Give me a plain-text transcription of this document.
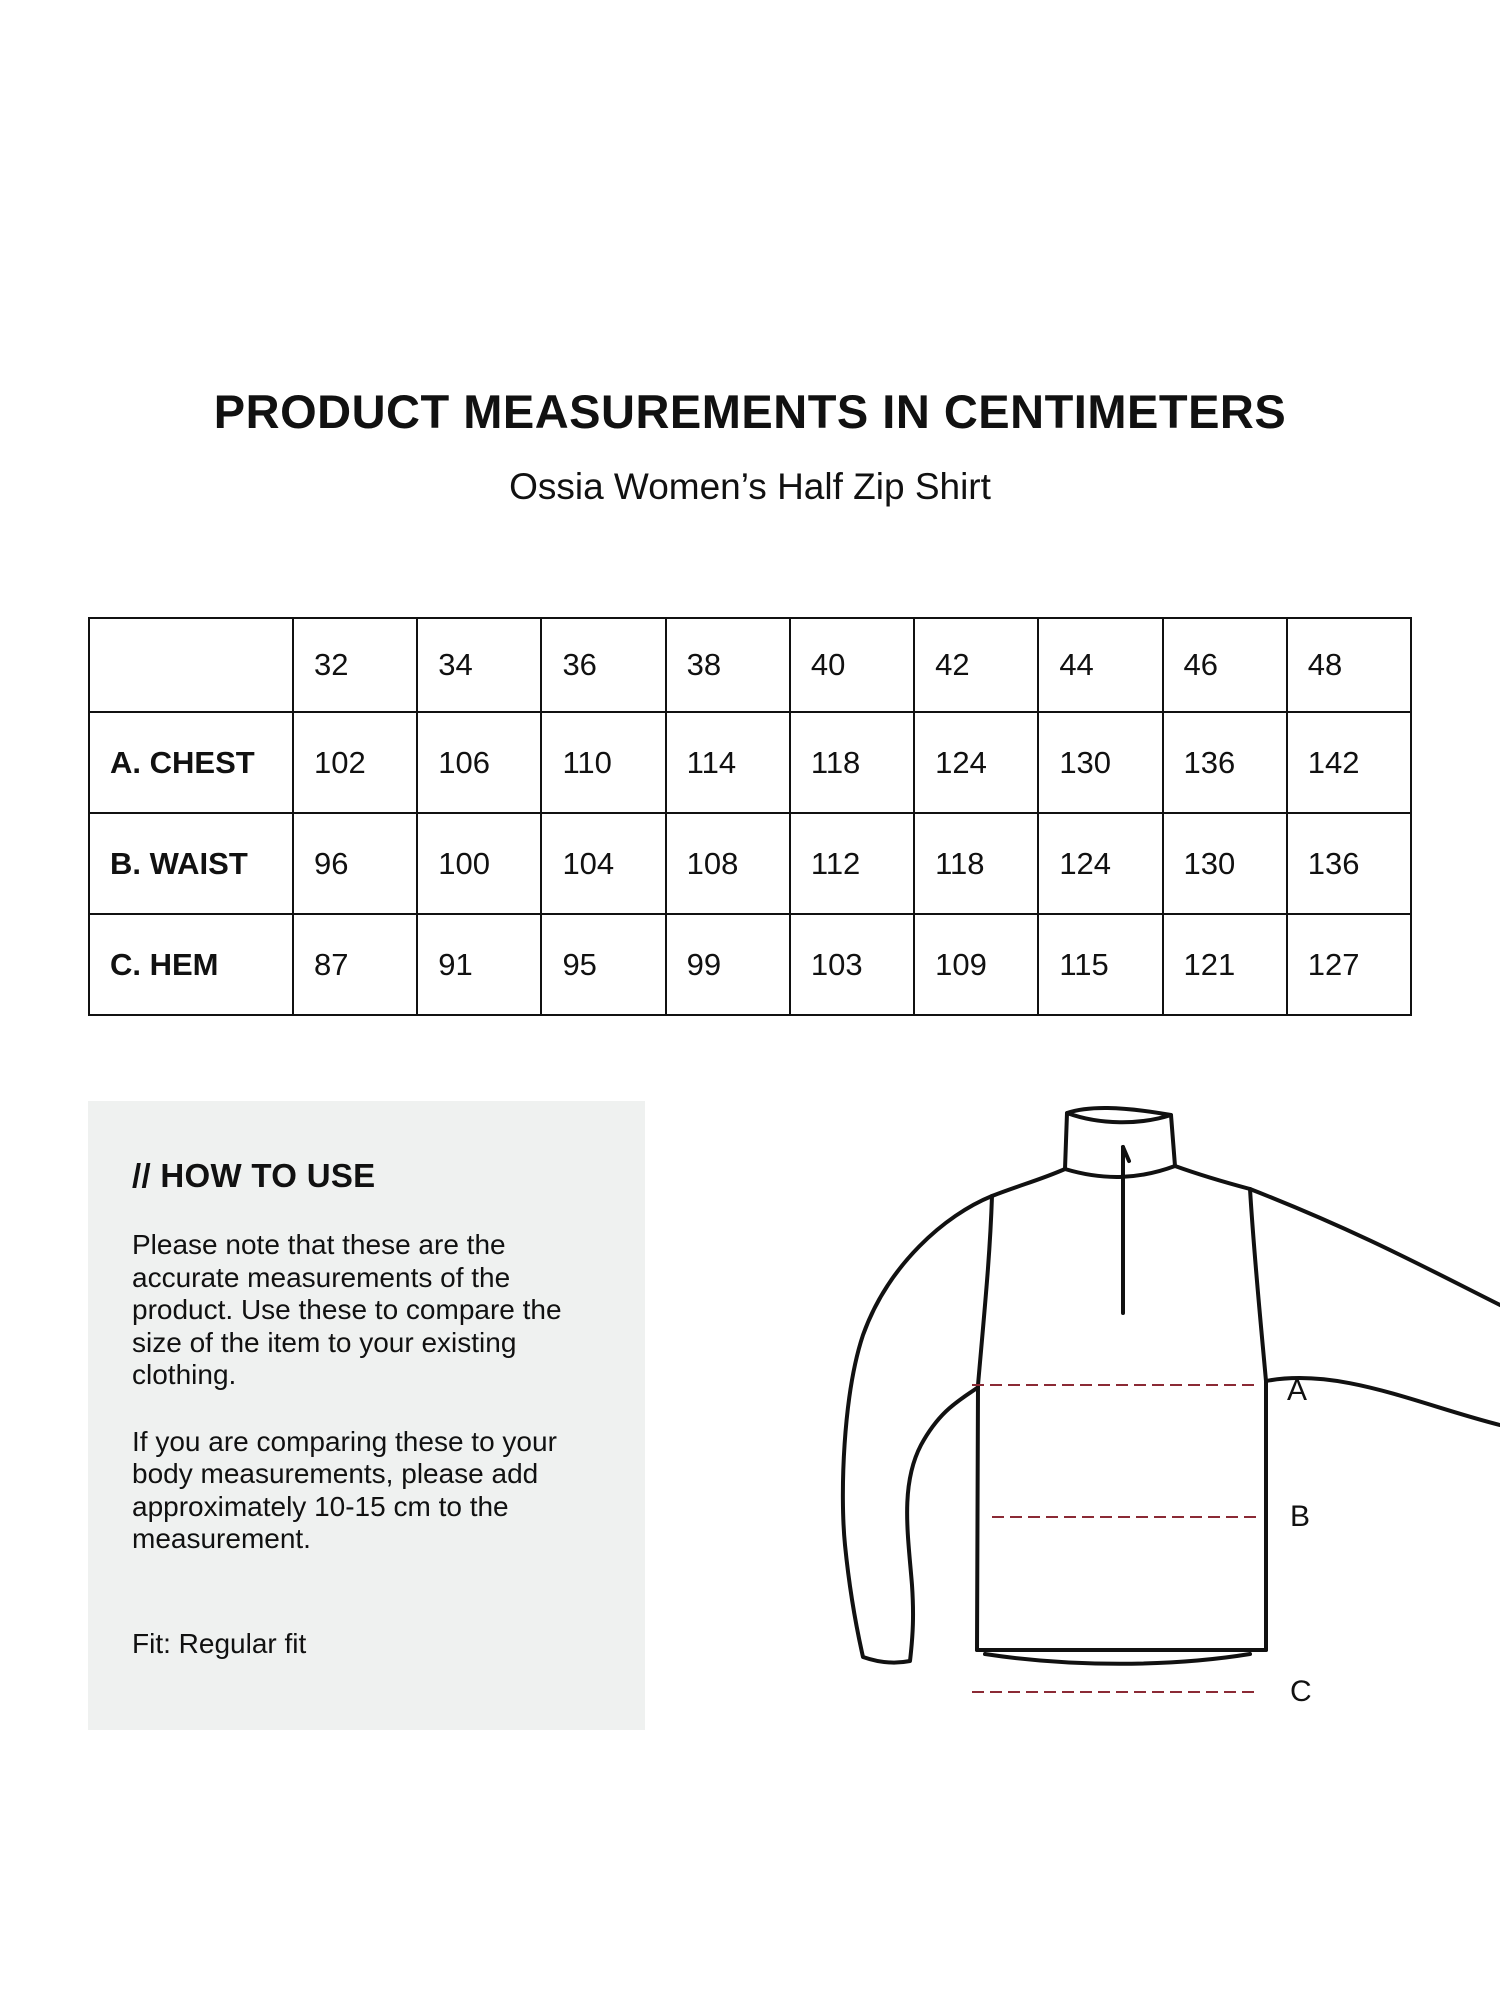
PRODUCT MEASUREMENTS IN CENTIMETERS
Ossia Women’s Half Zip Shirt
	32	34	36	38	40	42	44	46	48
A. CHEST	102	106	110	114	118	124	130	136	142
B. WAIST	96	100	104	108	112	118	124	130	136
C. HEM	87	91	95	99	103	109	115	121	127

// HOW TO USE

Please note that these are the accurate measurements of the product. Use these to compare the size of the item to your existing clothing.

If you are comparing these to your body measurements, please add approximately 10-15 cm to the measurement.

Fit: Regular fit

A
B
C
